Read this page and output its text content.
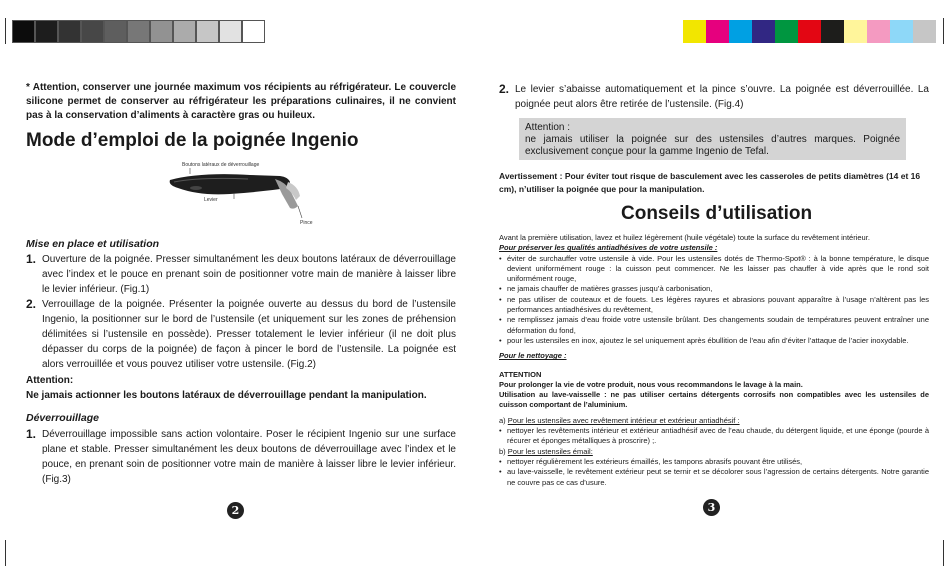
* Attention, conserver une journée maximum vos récipients au réfrigérateur. Le couvercle silicone permet de conserver au réfrigérateur les préparations culinaires, il ne convient pas à la conservation d’aliments à caractère gras ou huileux.
Mode d’emploi de la poignée Ingenio
Boutons latéraux de déverrouillage
Levier
Pince
Mise en place et utilisation
1. Ouverture de la poignée. Presser simultanément les deux boutons latéraux de déverrouillage avec l’index et le pouce en prenant soin de positionner votre main de manière à laisser libre le levier inférieur. (Fig.1)
2. Verrouillage de la poignée. Présenter la poignée ouverte au dessus du bord de l’ustensile Ingenio, la positionner sur le bord de l’ustensile (et uniquement sur les zones de préhension délimitées si l’ustensile en possède). Presser totalement le levier inférieur (il ne doit plus dépasser du corps de la poignée) de façon à pincer le bord de l’ustensile. La poignée est alors verrouillée et vous pouvez utiliser votre ustensile. (Fig.2)
Attention:
Ne jamais actionner les boutons latéraux de déverrouillage pendant la manipulation.
Déverrouillage
1. Déverrouillage impossible sans action volontaire. Poser le récipient Ingenio sur une surface plane et stable. Presser simultanément les deux boutons de déverrouillage avec l’index et le pouce, en prenant soin de positionner votre main de manière à laisser libre le levier inférieur. (Fig.3)
2
2. Le levier s’abaisse automatiquement et la pince s’ouvre. La poignée est déverrouillée. La poignée peut alors être retirée de l’ustensile. (Fig.4)
Attention :
ne jamais utiliser la poignée sur des ustensiles d’autres marques. Poignée exclusivement conçue pour la gamme Ingenio de Tefal.
Avertissement : Pour éviter tout risque de basculement avec les casseroles de petits diamètres (14 et 16 cm), n’utiliser la poignée que pour la manipulation.
Conseils d’utilisation
Avant la première utilisation, lavez et huilez légèrement (huile végétale) toute la surface du revêtement intérieur.
Pour préserver les qualités antiadhésives de votre ustensile :
• éviter de surchauffer votre ustensile à vide. Pour les ustensiles dotés de Thermo-Spot® : à la bonne température, le disque devient uniformément rouge : la cuisson peut commencer. Ne les laisser pas chauffer à vide après que le rond soit uniformément rouge,
• ne jamais chauffer de matières grasses jusqu’à carbonisation,
• ne pas utiliser de couteaux et de fouets. Les légères rayures et abrasions pouvant apparaître à l’usage n’altèrent pas les performances antiadhésives du revêtement,
• ne remplissez jamais d’eau froide votre ustensile brûlant. Des changements soudain de températures peuvent entraîner une déformation du fond,
• pour les ustensiles en inox, ajoutez le sel uniquement après ébullition de l’eau afin d’éviter l’attaque de l’acier inoxydable.
Pour le nettoyage :
ATTENTION
Pour prolonger la vie de votre produit, nous vous recommandons le lavage à la main.
Utilisation au lave-vaisselle : ne pas utiliser certains détergents corrosifs non compatibles avec les ustensiles de cuisson comportant de l’aluminium.
a) Pour les ustensiles avec revêtement intérieur et extérieur antiadhésif :
• nettoyer les revêtements intérieur et extérieur antiadhésif avec de l’eau chaude, du détergent liquide, et une éponge (pourde à récurer et éponges métalliques à proscrire) ;.
b) Pour les ustensiles émail:
• nettoyer régulièrement les extérieurs émaillés, les tampons abrasifs pouvant être utilisés,
• au lave-vaisselle, le revêtement extérieur peut se ternir et se décolorer sous l’agression de certains détergents. Notre garantie ne couvre pas ce cas d’usure.
3
